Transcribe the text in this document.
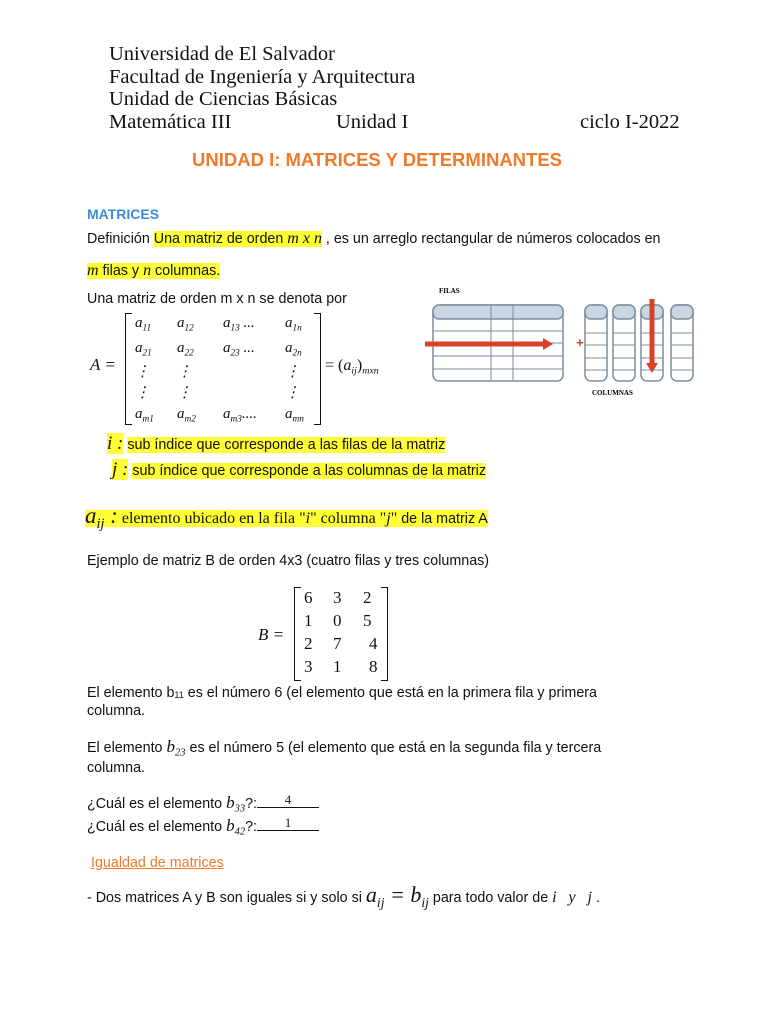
Universidad de El Salvador
Facultad de Ingeniería y Arquitectura
Unidad de Ciencias Básicas
Matemática III	Unidad I	ciclo I-2022
UNIDAD I: MATRICES Y DETERMINANTES
MATRICES
Definición Una matriz de orden m x n , es un arreglo rectangular de números colocados en
m filas y n columnas.
Una matriz de orden m x n se denota por
A =
$a_{11}$	$a_{12}$	$a_{13}$ ...	$a_{1n}$
$a_{21}$	$a_{22}$	$a_{23}$ ...	$a_{2n}$
⋮	⋮		⋮
⋮	⋮		⋮
$a_{m1}$	$a_{m2}$	$a_{m3}$....	$a_{mn}$
= $(a_{ij})_{mxn}$
+
FILAS
COLUMNAS
i : sub índice que corresponde a las filas de la matriz
j : sub índice que corresponde a las columnas de la matriz
$a_{ij}$ : elemento ubicado en la fila "i" columna "j" de la matriz A
Ejemplo de matriz B de orden 4x3 (cuatro filas y tres columnas)
B =
6	3	2
1	0	5
2	7	4
3	1	8
El elemento b11 es el número 6 (el elemento que está en la primera fila y primera
columna.
El elemento $b_{23}$ es el número 5 (el elemento que está en la segunda fila y tercera
columna.
¿Cuál es el elemento $b_{33}$?: 4
¿Cuál es el elemento $b_{42}$?: 1
Igualdad de matrices
- Dos matrices A y B son iguales si y solo si $a_{ij} = b_{ij}$ para todo valor de i y j .
